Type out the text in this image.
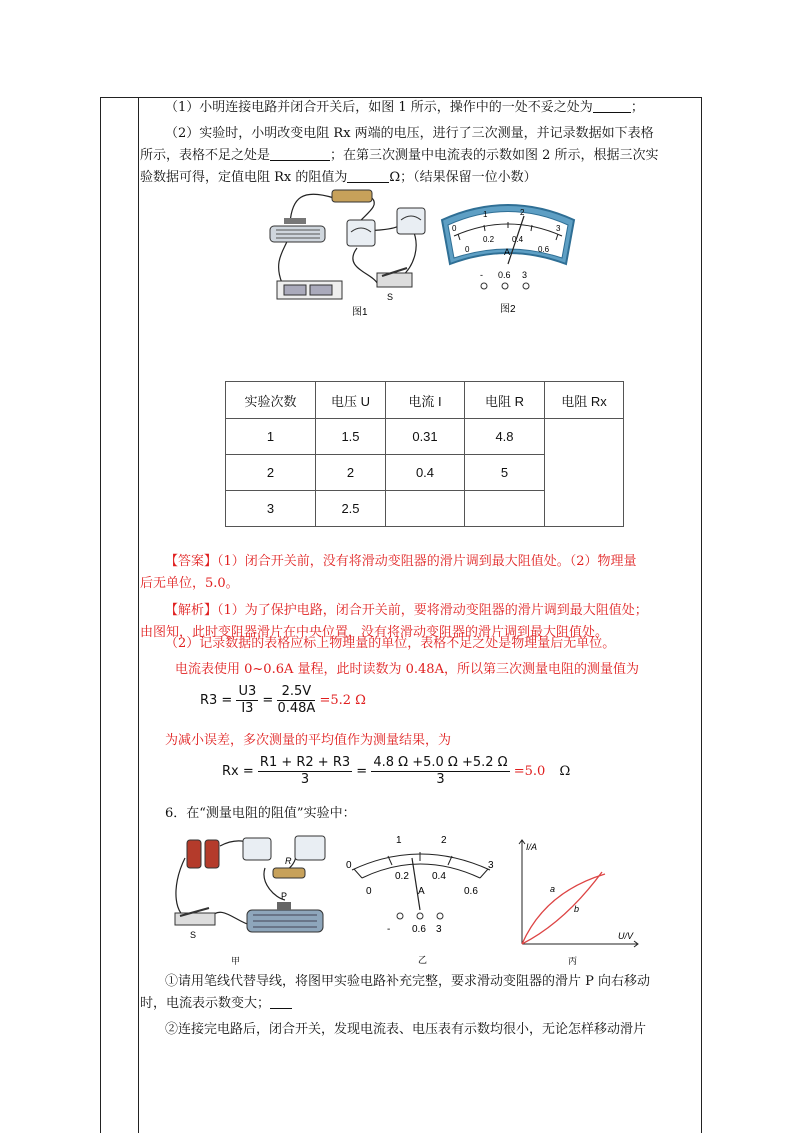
（1）小明连接电路并闭合开关后，如图 1 所示，操作中的一处不妥之处为	；
（2）实验时，小明改变电阻 Rx 两端的电压，进行了三次测量，并记录数据如下表格
所示，表格不足之处是	；在第三次测量中电流表的示数如图 2 所示，根据三次实
验数据可得，定值电阻 Rx 的阻值为	Ω；（结果保留一位小数）
S
图1
0
1	2
3
0
0.2 0.4
0.6
A
- 0.6 3
图2
实验次数	电压 U	电流 I	电阻 R	电阻 Rx
1	1.5	0.31	4.8	
2	2	0.4	5	
3	2.5			
【答案】（1）闭合开关前，没有将滑动变阻器的滑片调到最大阻值处。（2）物理量
后无单位，5.0。
【解析】（1）为了保护电路，闭合开关前，要将滑动变阻器的滑片调到最大阻值处；
由图知，此时变阻器滑片在中央位置，没有将滑动变阻器的滑片调到最大阻值处。
（2）记录数据的表格应标上物理量的单位，表格不足之处是物理量后无单位。
电流表使用 0~0.6A 量程，此时读数为 0.48A，所以第三次测量电阻的测量值为
$R3 = \frac{U3}{I3} = \frac{2.5V}{0.48A} =5.2$ Ω
为减小误差，多次测量的平均值作为测量结果，为
$Rx = \frac{R1 + R2 + R3}{3} = \frac{4.8 \Omega +5.0 \Omega +5.2 \Omega}{3} =5.0$ Ω
6．在“测量电阻的阻值”实验中：
R
S
P
甲
0
1	2
3
0
0.2 0.4
0.6
A
- 0.6 3
乙
I/A
U/V
a
b
丙
①请用笔线代替导线，将图甲实验电路补充完整，要求滑动变阻器的滑片 P 向右移动
时，电流表示数变大；
②连接完电路后，闭合开关，发现电流表、电压表有示数均很小，无论怎样移动滑片
